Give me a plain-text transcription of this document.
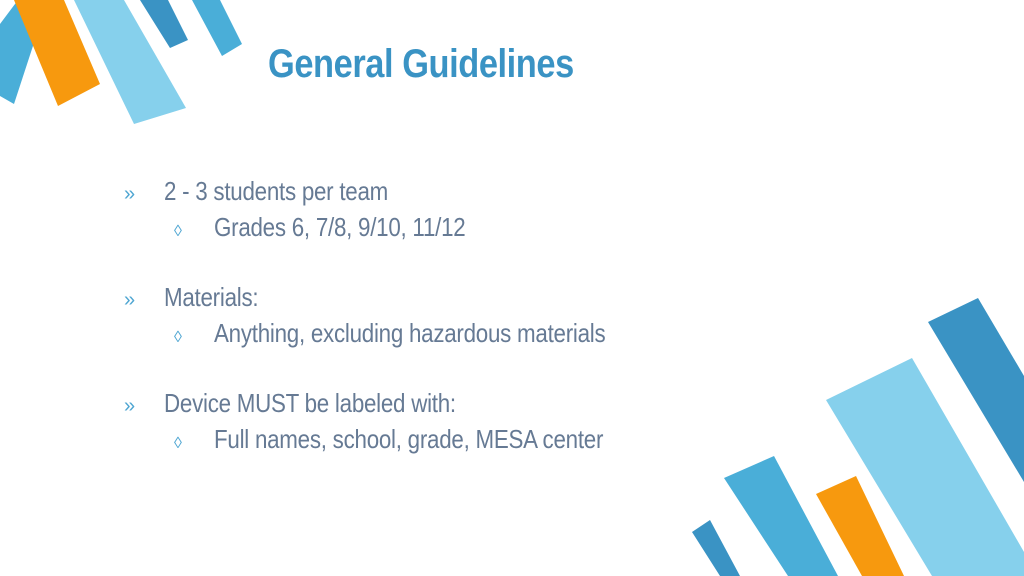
General Guidelines
»	2 - 3 students per team
◊	Grades 6, 7/8, 9/10, 11/12
»	Materials:
◊	Anything, excluding hazardous materials
»	Device MUST be labeled with:
◊	Full names, school, grade, MESA center
